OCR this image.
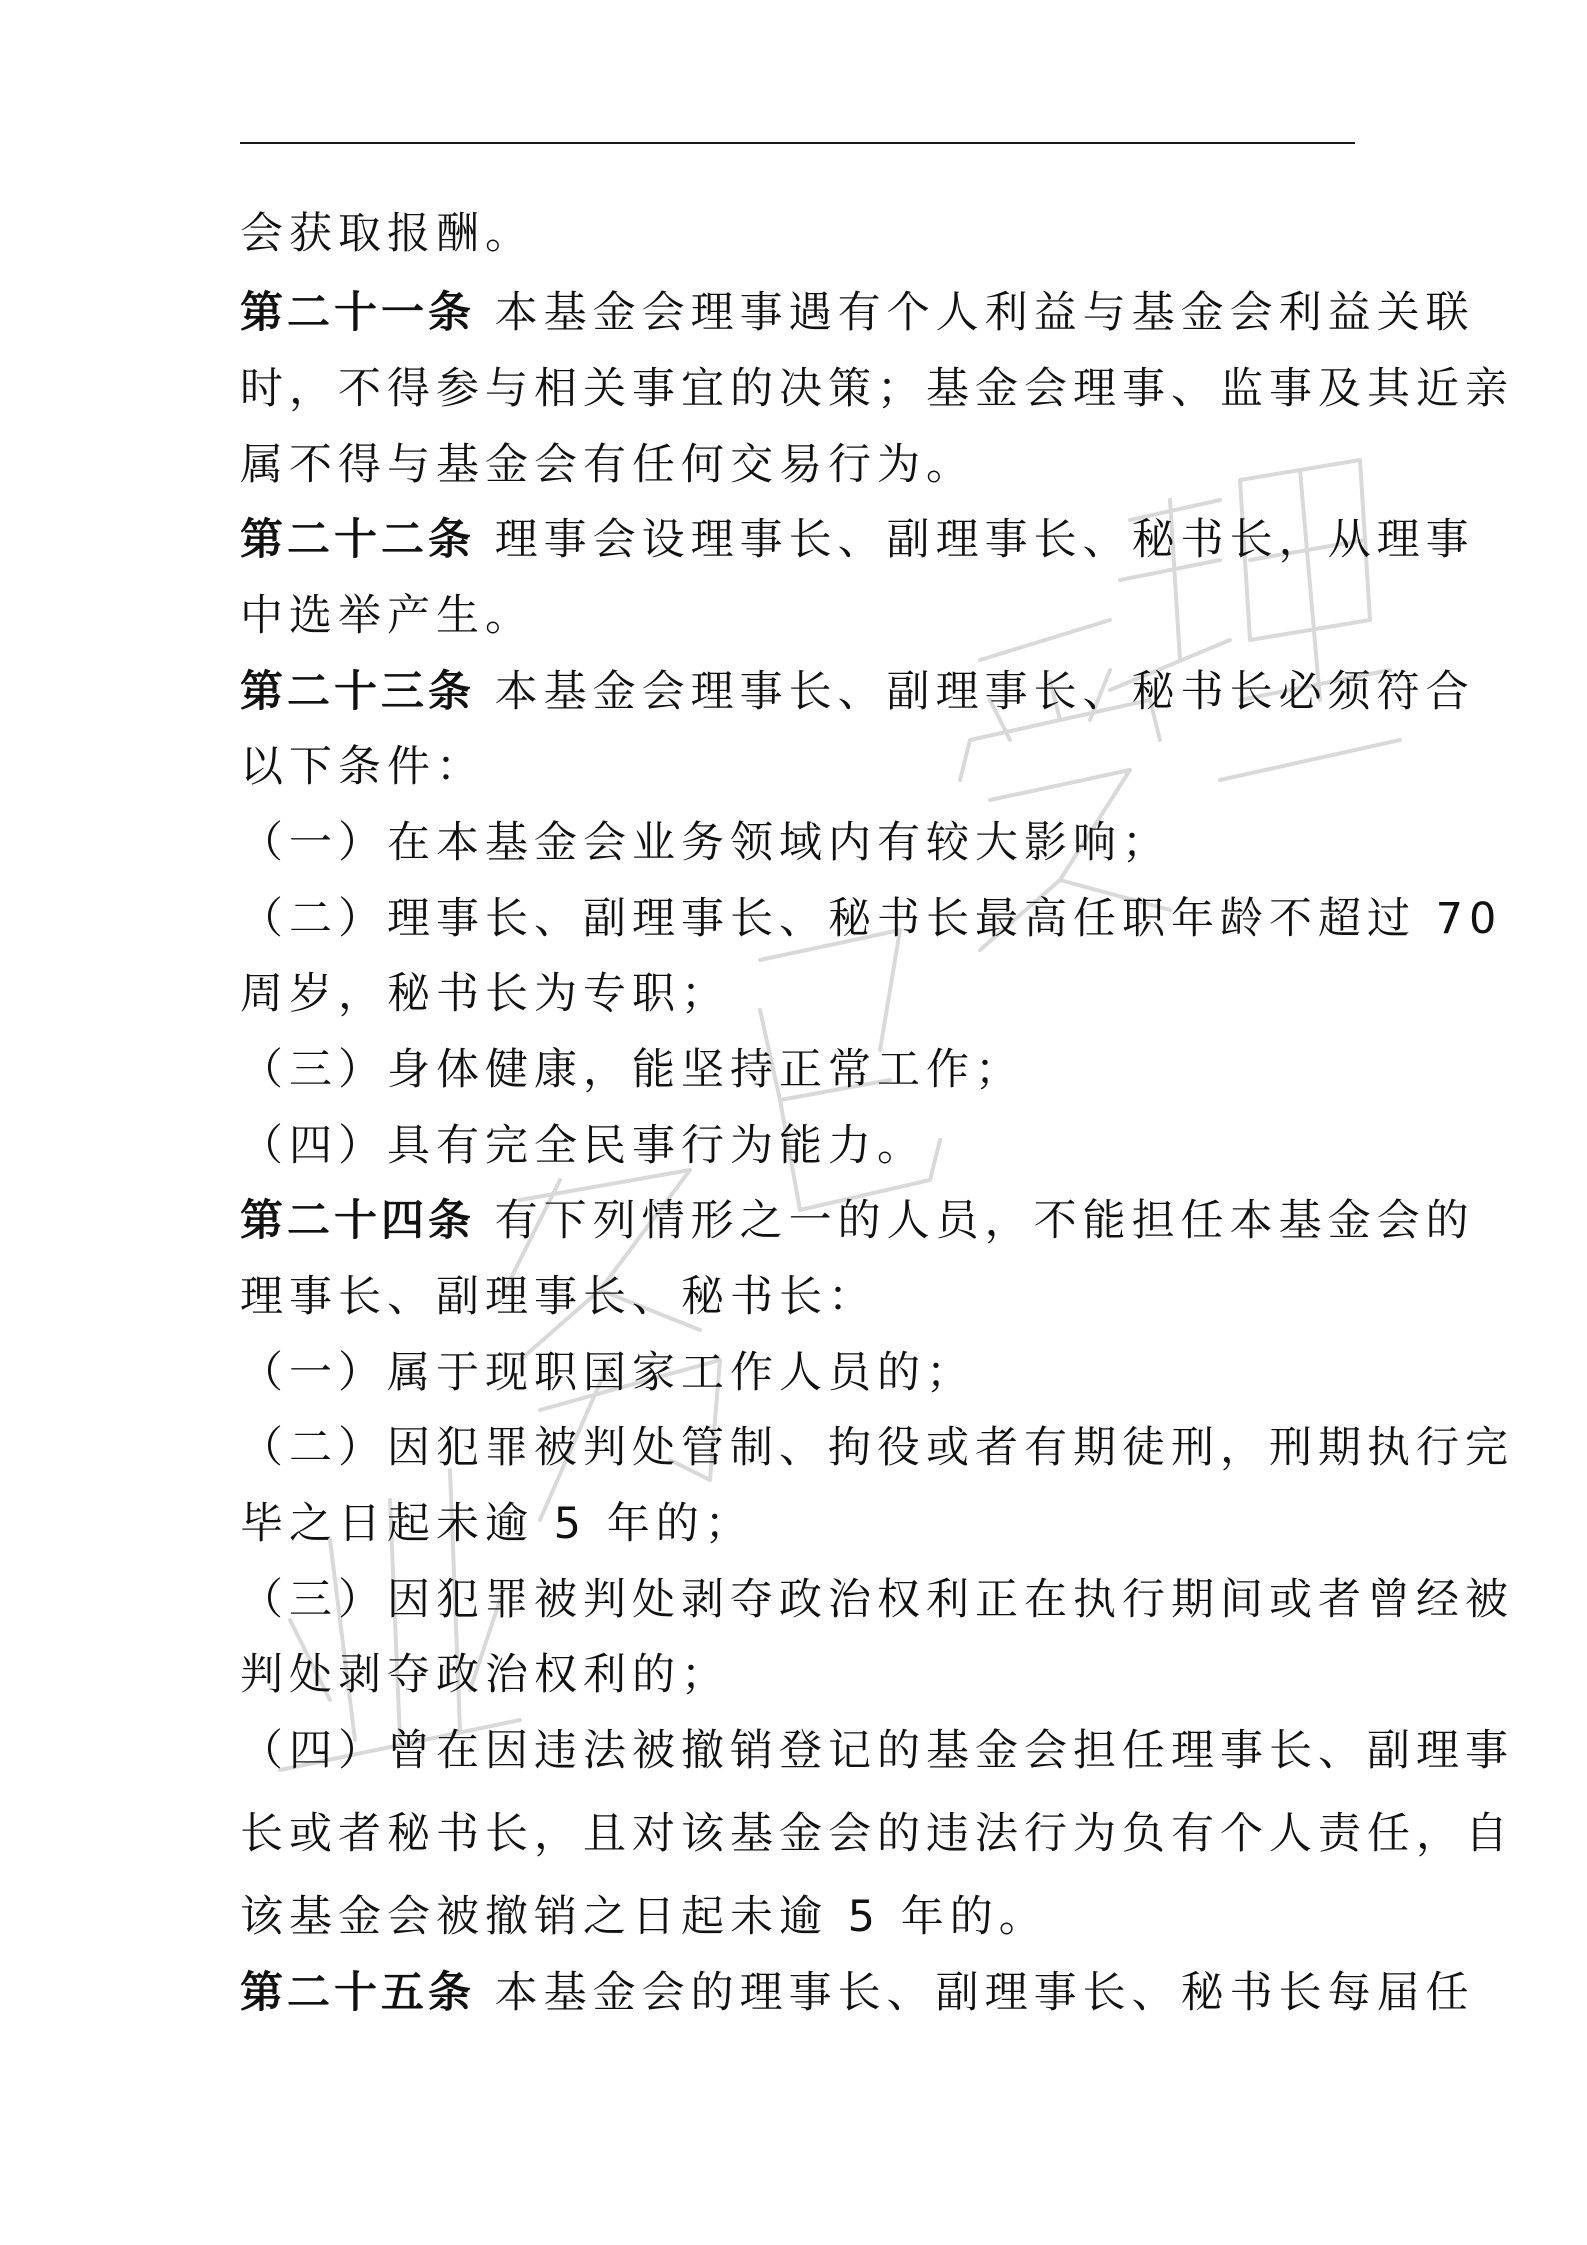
会获取报酬。
第二十一条 本基金会理事遇有个人利益与基金会利益关联
时，不得参与相关事宜的决策；基金会理事、监事及其近亲
属不得与基金会有任何交易行为。
第二十二条 理事会设理事长、副理事长、秘书长，从理事
中选举产生。
第二十三条 本基金会理事长、副理事长、秘书长必须符合
以下条件：
（一）在本基金会业务领域内有较大影响；
（二）理事长、副理事长、秘书长最高任职年龄不超过 70
周岁，秘书长为专职；
（三）身体健康，能坚持正常工作；
（四）具有完全民事行为能力。
第二十四条 有下列情形之一的人员，不能担任本基金会的
理事长、副理事长、秘书长：
（一）属于现职国家工作人员的；
（二）因犯罪被判处管制、拘役或者有期徒刑，刑期执行完
毕之日起未逾 5 年的；
（三）因犯罪被判处剥夺政治权利正在执行期间或者曾经被
判处剥夺政治权利的；
（四）曾在因违法被撤销登记的基金会担任理事长、副理事
长或者秘书长，且对该基金会的违法行为负有个人责任，自
该基金会被撤销之日起未逾 5 年的。
第二十五条 本基金会的理事长、副理事长、秘书长每届任
